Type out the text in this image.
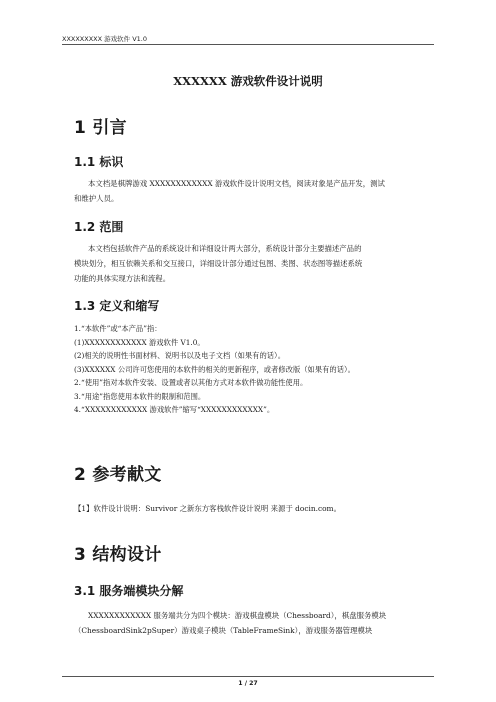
XXXXXXXXX 游戏软件 V1.0
XXXXXX 游戏软件设计说明
1 引言
1.1 标识
本文档是棋牌游戏 XXXXXXXXXXXX 游戏软件设计说明文档，阅读对象是产品开发，测试
和维护人员。
1.2 范围
本文档包括软件产品的系统设计和详细设计两大部分，系统设计部分主要描述产品的
模块划分，相互依赖关系和交互接口，详细设计部分通过包图、类图、状态图等描述系统
功能的具体实现方法和流程。
1.3 定义和缩写
1.“本软件”或“本产品”指：
(1)XXXXXXXXXXXX 游戏软件 V1.0。
(2)相关的说明性书面材料、说明书以及电子文档（如果有的话）。
(3)XXXXXX 公司许可您使用的本软件的相关的更新程序，或者修改版（如果有的话）。
2.“使用”指对本软件安装、设置或者以其他方式对本软件做功能性使用。
3.“用途”指您使用本软件的限制和范围。
4.“XXXXXXXXXXXX 游戏软件”缩写“XXXXXXXXXXXX”。
2 参考献文
【1】软件设计说明：Survivor 之新东方客栈软件设计说明 来源于 docin.com。
3 结构设计
3.1 服务端模块分解
XXXXXXXXXXXX 服务端共分为四个模块：游戏棋盘模块（Chessboard），棋盘服务模块
（ChessboardSink2pSuper）游戏桌子模块（TableFrameSink），游戏服务器管理模块
1 / 27
